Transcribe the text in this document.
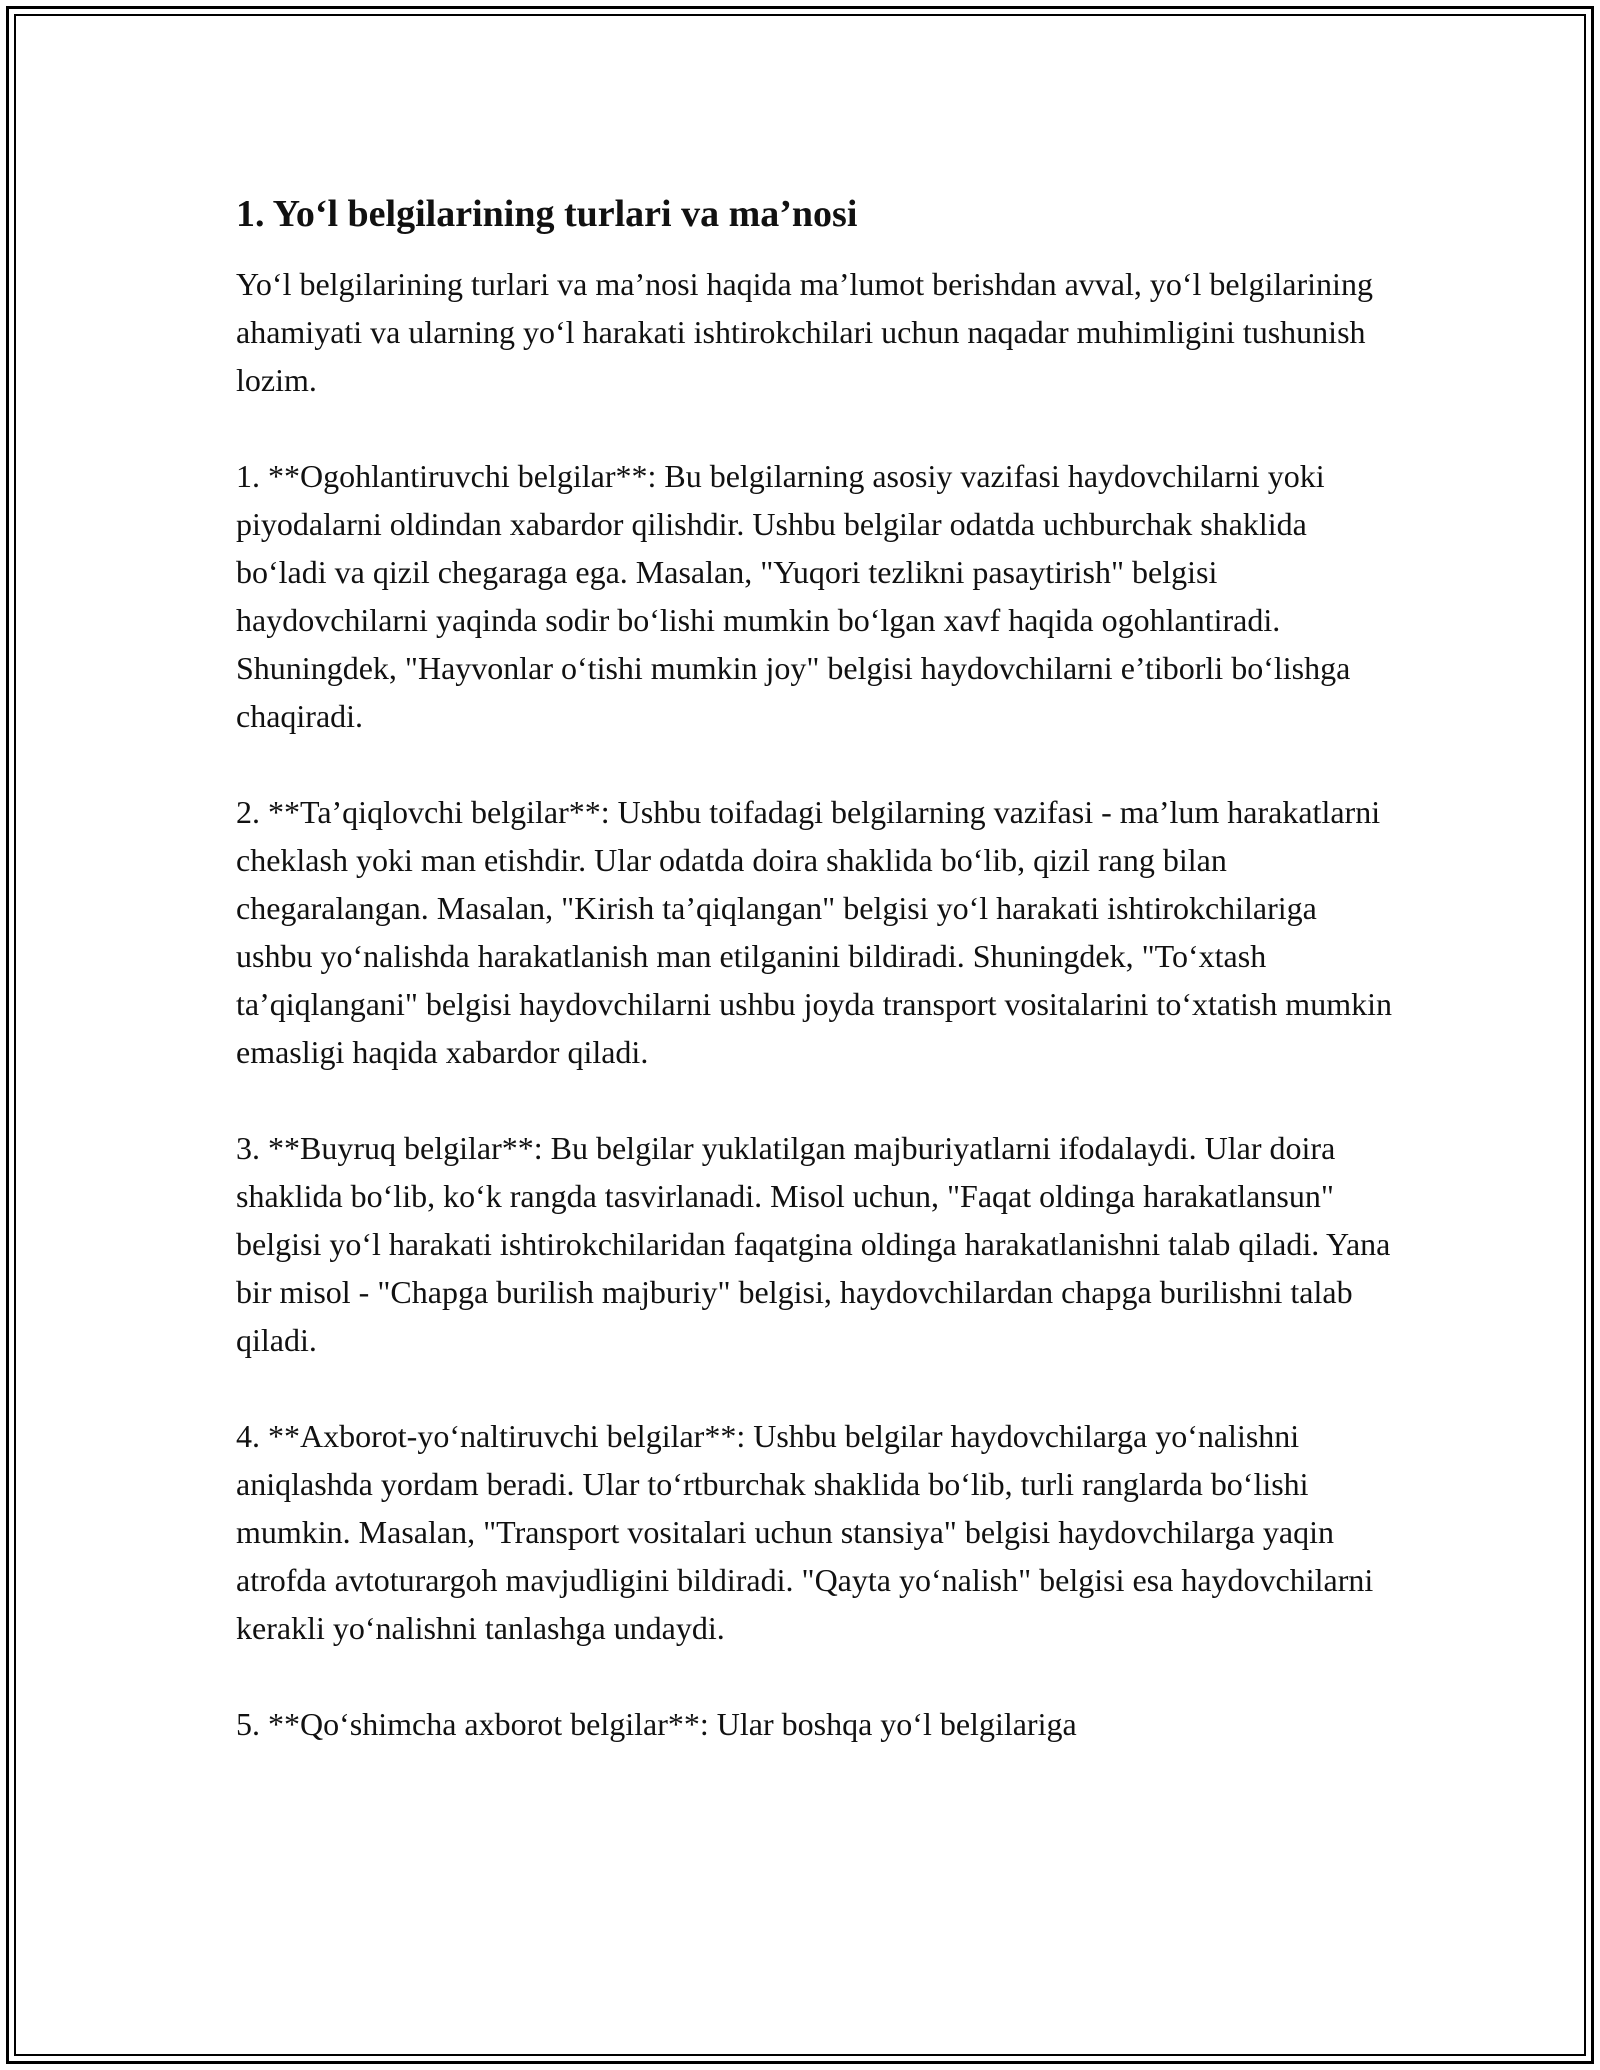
1. Yo‘l belgilarining turlari va ma’nosi

Yo‘l belgilarining turlari va ma’nosi haqida ma’lumot berishdan avval, yo‘l belgilarining ahamiyati va ularning yo‘l harakati ishtirokchilari uchun naqadar muhimligini tushunish lozim.

1. **Ogohlantiruvchi belgilar**: Bu belgilarning asosiy vazifasi haydovchilarni yoki piyodalarni oldindan xabardor qilishdir. Ushbu belgilar odatda uchburchak shaklida bo‘ladi va qizil chegaraga ega. Masalan, "Yuqori tezlikni pasaytirish" belgisi haydovchilarni yaqinda sodir bo‘lishi mumkin bo‘lgan xavf haqida ogohlantiradi. Shuningdek, "Hayvonlar o‘tishi mumkin joy" belgisi haydovchilarni e’tiborli bo‘lishga chaqiradi.

2. **Ta’qiqlovchi belgilar**: Ushbu toifadagi belgilarning vazifasi - ma’lum harakatlarni cheklash yoki man etishdir. Ular odatda doira shaklida bo‘lib, qizil rang bilan chegaralangan. Masalan, "Kirish ta’qiqlangan" belgisi yo‘l harakati ishtirokchilariga ushbu yo‘nalishda harakatlanish man etilganini bildiradi. Shuningdek, "To‘xtash ta’qiqlangani" belgisi haydovchilarni ushbu joyda transport vositalarini to‘xtatish mumkin emasligi haqida xabardor qiladi.

3. **Buyruq belgilar**: Bu belgilar yuklatilgan majburiyatlarni ifodalaydi. Ular doira shaklida bo‘lib, ko‘k rangda tasvirlanadi. Misol uchun, "Faqat oldinga harakatlansun" belgisi yo‘l harakati ishtirokchilaridan faqatgina oldinga harakatlanishni talab qiladi. Yana bir misol - "Chapga burilish majburiy" belgisi, haydovchilardan chapga burilishni talab qiladi.

4. **Axborot-yo‘naltiruvchi belgilar**: Ushbu belgilar haydovchilarga yo‘nalishni aniqlashda yordam beradi. Ular to‘rtburchak shaklida bo‘lib, turli ranglarda bo‘lishi mumkin. Masalan, "Transport vositalari uchun stansiya" belgisi haydovchilarga yaqin atrofda avtoturargoh mavjudligini bildiradi. "Qayta yo‘nalish" belgisi esa haydovchilarni kerakli yo‘nalishni tanlashga undaydi.

5. **Qo‘shimcha axborot belgilar**: Ular boshqa yo‘l belgilariga
